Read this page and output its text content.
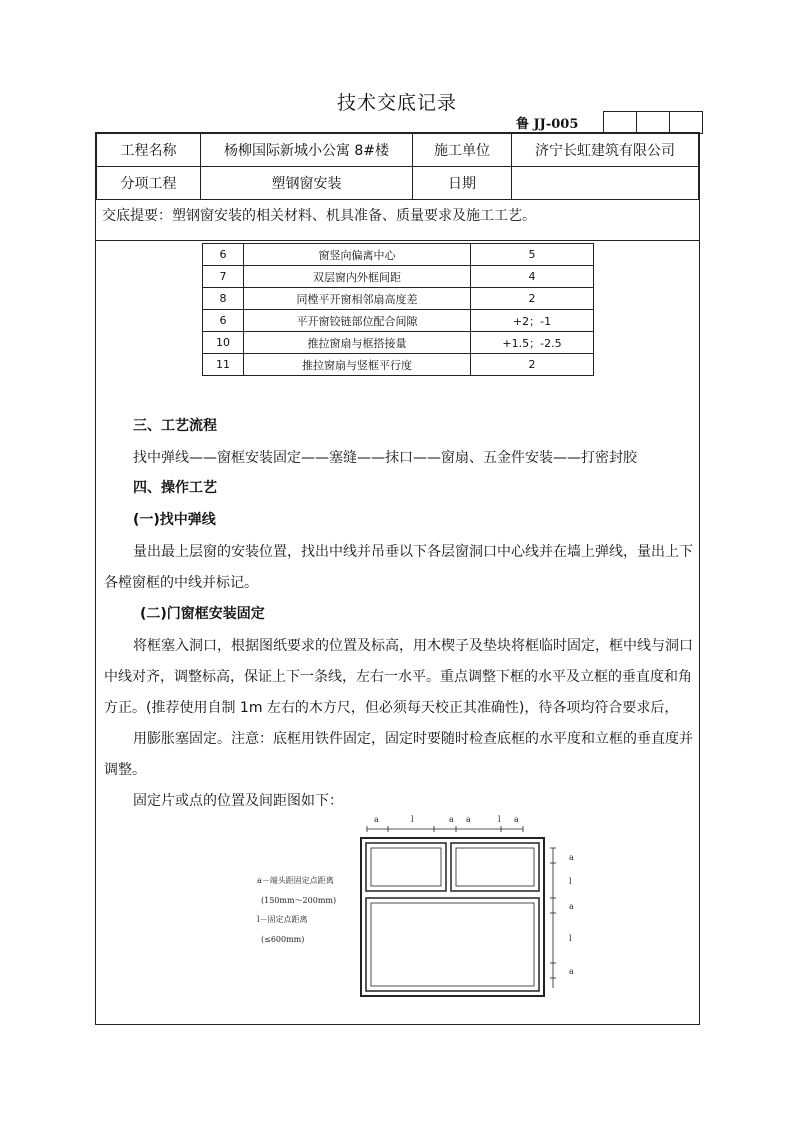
技术交底记录
鲁 JJ-005
工程名称	杨柳国际新城小公寓 8#楼	施工单位	济宁长虹建筑有限公司
分项工程	塑钢窗安装	日期	
交底提要：塑钢窗安装的相关材料、机具准备、质量要求及施工工艺。
6	窗竖向偏离中心	5
7	双层窗内外框间距	4
8	同樘平开窗相邻扇高度差	2
6	平开窗铰链部位配合间隙	+2；-1
10	推拉窗扇与框搭接量	+1.5；-2.5
11	推拉窗扇与竖框平行度	2
三、工艺流程
找中弹线——窗框安装固定——塞缝——抹口——窗扇、五金件安装——打密封胶
四、操作工艺
(一)找中弹线
量出最上层窗的安装位置，找出中线并吊垂以下各层窗洞口中心线并在墙上弹线，量出上下
各樘窗框的中线并标记。
(二)门窗框安装固定
将框塞入洞口，根据图纸要求的位置及标高，用木楔子及垫块将框临时固定，框中线与洞口
中线对齐，调整标高，保证上下一条线，左右一水平。重点调整下框的水平及立框的垂直度和角
方正。(推荐使用自制 1m 左右的木方尺，但必须每天校正其准确性)，待各项均符合要求后，
用膨胀塞固定。注意：底框用铁件固定，固定时要随时检查底框的水平度和立框的垂直度并
调整。
固定片或点的位置及间距图如下：
a－端头距固定点距离
(150mm～200mm)
l－固定点距离
(≤600mm)
a	l	a a	l a
a
l
a
l
a
